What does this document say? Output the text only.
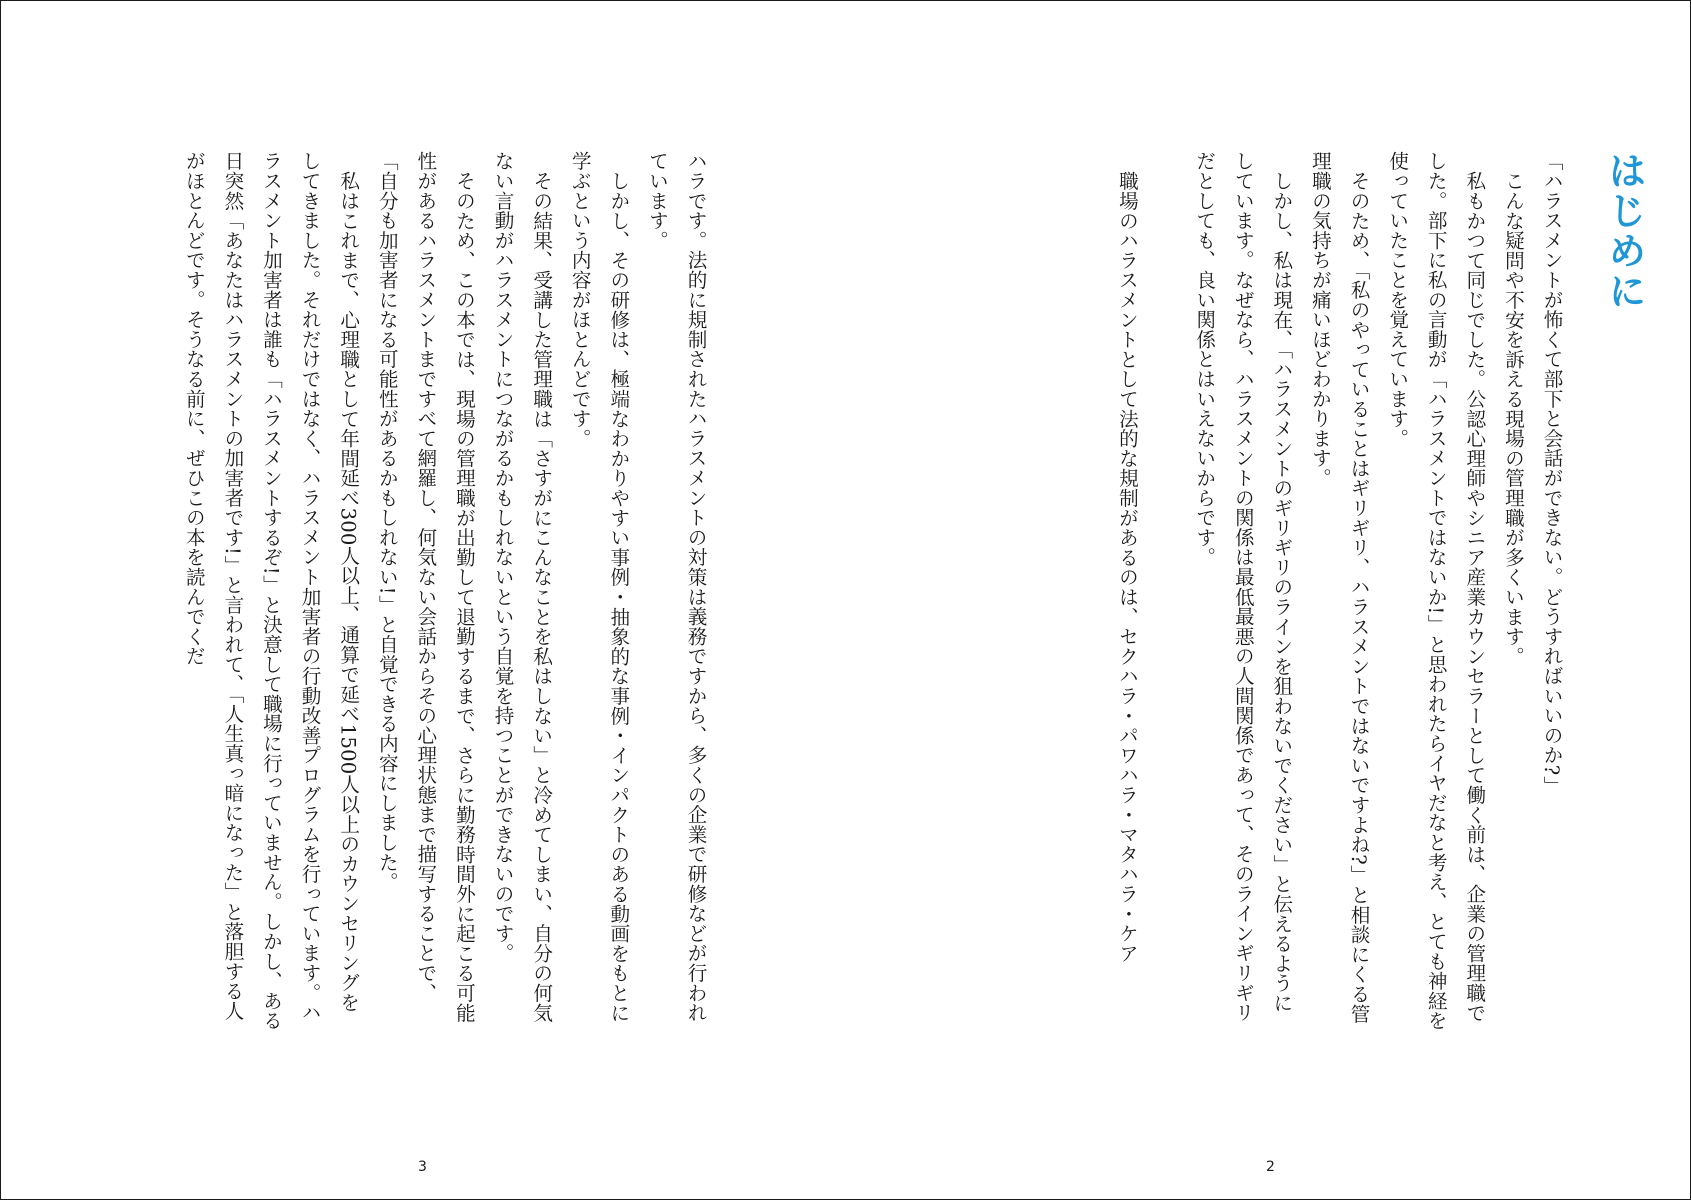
ハラです。法的に規制されたハラスメントの対策は義務ですから、多くの企業で研修などが行われています。

しかし、その研修は、極端なわかりやすい事例・抽象的な事例・インパクトのある動画をもとに学ぶという内容がほとんどです。

その結果、受講した管理職は「さすがにこんなことを私はしない」と冷めてしまい、自分の何気ない言動がハラスメントにつながるかもしれないという自覚を持つことができないのです。

そのため、この本では、現場の管理職が出勤して退勤するまで、さらに勤務時間外に起こる可能性があるハラスメントまですべて網羅し、何気ない会話からその心理状態まで描写することで、「自分も加害者になる可能性があるかもしれない!」と自覚できる内容にしました。

私はこれまで、心理職として年間延べ300人以上、通算で延べ1500人以上のカウンセリングをしてきました。それだけではなく、ハラスメント加害者の行動改善プログラムを行っています。ハラスメント加害者は誰も「ハラスメントするぞ!」と決意して職場に行っていません。しかし、ある日突然「あなたはハラスメントの加害者です!」と言われて、「人生真っ暗になった」と落胆する人がほとんどです。そうなる前に、ぜひこの本を読んでくだ

3
はじめに

「ハラスメントが怖くて部下と会話ができない。どうすればいいのか?」

こんな疑問や不安を訴える現場の管理職が多くいます。

私もかつて同じでした。公認心理師やシニア産業カウンセラーとして働く前は、企業の管理職でした。部下に私の言動が「ハラスメントではないか!」と思われたらイヤだなと考え、とても神経を使っていたことを覚えています。

そのため、「私のやっていることはギリギリ、ハラスメントではないですよね?」と相談にくる管理職の気持ちが痛いほどわかります。

しかし、私は現在、「ハラスメントのギリギリのラインを狙わないでください」と伝えるようにしています。なぜなら、ハラスメントの関係は最低最悪の人間関係であって、そのラインギリギリだとしても、良い関係とはいえないからです。

職場のハラスメントとして法的な規制があるのは、セクハラ・パワハラ・マタハラ・ケア

2
